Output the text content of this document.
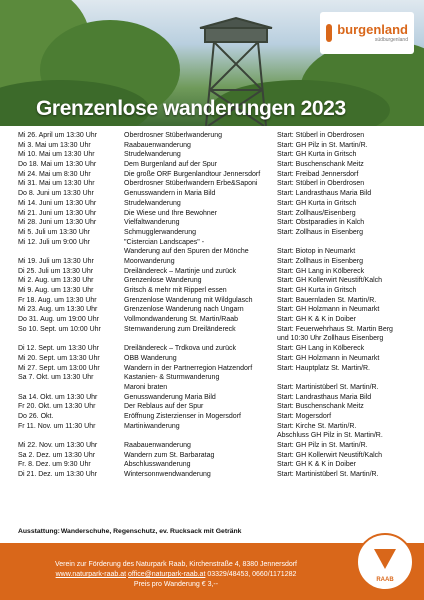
burgenland
südburgenland
Grenzenlose wanderungen 2023
Mi 26. April um 13:30 Uhr	Oberdrosner Stüberlwanderung	Start: Stüberl in Oberdrosen
Mi 3. Mai um 13:30 Uhr	Raabauenwanderung	Start: GH Pilz in St. Martin/R.
Mi 10. Mai um 13:30 Uhr	Strudelwanderung	Start: GH Kurta in Gritsch
Do 18. Mai um 13:30 Uhr	Dem Burgenland auf der Spur	Start: Buschenschank Meitz
Mi 24. Mai um 8:30 Uhr	Die große ORF Burgenlandtour Jennersdorf	Start: Freibad Jennersdorf
Mi 31. Mai um 13:30 Uhr	Oberdrosner Stüberlwandern Erbe&Saponi	Start: Stüberl in Oberdrosen
Do 8. Juni um 13:30 Uhr	Genusswandern in Maria Bild	Start: Landrasthaus Maria Bild
Mi 14. Juni um 13:30 Uhr	Strudelwanderung	Start: GH Kurta in Gritsch
Mi 21. Juni um 13:30 Uhr	Die Wiese und Ihre Bewohner	Start: Zollhaus/Eisenberg
Mi 28. Juni um 13:30 Uhr	Vielfaltwanderung	Start: Obstparadies in Kalch
Mi 5. Juli um 13:30 Uhr	Schmugglerwanderung	Start: Zollhaus in Eisenberg
Mi 12. Juli um 9:00 Uhr	"Cistercian Landscapes" -
Wanderung auf den Spuren der Mönche	Start: Biotop in Neumarkt
Mi 19. Juli um 13:30 Uhr	Moorwanderung	Start: Zollhaus in Eisenberg
Di 25. Juli um 13:30 Uhr	Dreiländereck – Martinje und zurück	Start: GH Lang in Kölbereck
Mi 2. Aug. um 13:30 Uhr	Grenzenlose Wanderung	Start: GH Kollerwirt Neustift/Kalch
Mi 9. Aug. um 13:30 Uhr	Gritsch & mehr mit Ripperl essen	Start: GH Kurta in Gritsch
Fr 18. Aug. um 13:30 Uhr	Grenzenlose Wanderung mit Wildgulasch	Start: Bauernladen St. Martin/R.
Mi 23. Aug. um 13:30 Uhr	Grenzenlose Wanderung nach Ungarn	Start: GH Holzmann in Neumarkt
Do 31. Aug. um 19:00 Uhr	Vollmondwanderung St. Martin/Raab	Start: GH K & K in Doiber
So 10. Sept. um 10:00 Uhr	Sternwanderung zum Dreiländereck	Start: Feuerwehrhaus St. Martin Berg
und 10:30 Uhr Zollhaus Eisenberg
Di 12. Sept. um 13:30 Uhr	Dreiländereck – Trdkova und zurück	Start: GH Lang in Kölbereck
Mi 20. Sept. um 13:30 Uhr	ÖBB Wanderung	Start: GH Holzmann in Neumarkt
Mi 27. Sept. um 13:00 Uhr	Wandern in der Partnerregion Hatzendorf	Start: Hauptplatz St. Martin/R.
Sa 7. Okt. um 13:30 Uhr	Kastanien- & Sturmwanderung
Maroni braten	Start: Martinistüberl St. Martin/R.
Sa 14. Okt. um 13:30 Uhr	Genusswanderung Maria Bild	Start: Landrasthaus Maria Bild
Fr 20. Okt. um 13:30 Uhr	Der Reblaus auf der Spur	Start: Buschenschank Meitz
Do 26. Okt.	Eröffnung Zisterzienser in Mogersdorf	Start: Mogersdorf
Fr 11. Nov. um 11:30 Uhr	Martiniwanderung	Start: Kirche St. Martin/R.
Abschluss GH Pilz in St. Martin/R.
Mi 22. Nov. um 13:30 Uhr	Raabauenwanderung	Start: GH Pilz in St. Martin/R.
Sa 2. Dez. um 13:30 Uhr	Wandern zum St. Barbaratag	Start: GH Kollerwirt Neustift/Kalch
Fr. 8. Dez. um 9:30 Uhr	Abschlusswanderung	Start: GH K & K in Doiber
Di 21. Dez. um 13:30 Uhr	Wintersonnwendwanderung	Start: Martinistüberl St. Martin/R.
Ausstattung: Wanderschuhe, Regenschutz, ev. Rucksack mit Getränk
Verein zur Förderung des Naturpark Raab, Kirchenstraße 4, 8380 Jennersdorf
www.naturpark-raab.at office@naturpark-raab.at 03329/48453, 0660/1171282
Preis pro Wanderung € 3,--
RAAB
